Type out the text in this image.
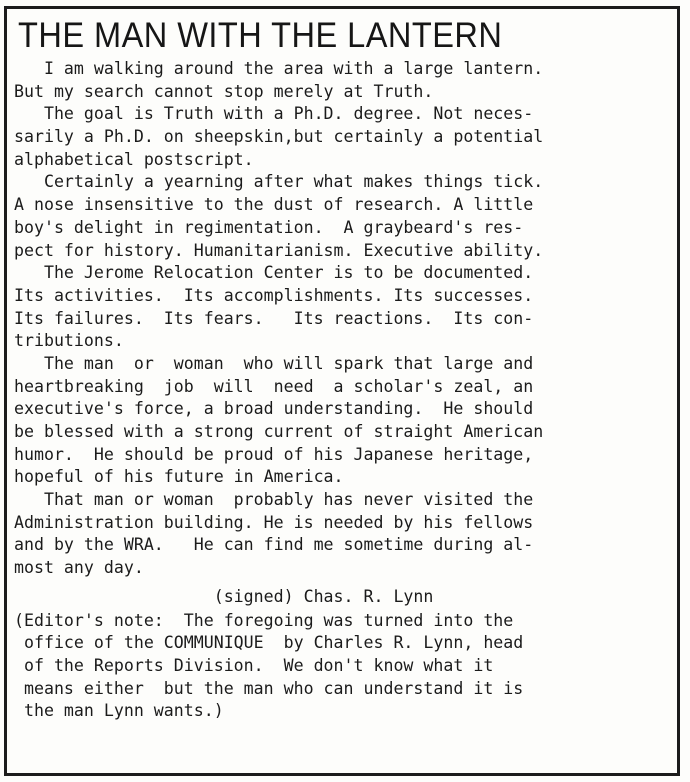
THE MAN WITH THE LANTERN
I am walking around the area with a large lantern.
But my search cannot stop merely at Truth.
The goal is Truth with a Ph.D. degree. Not neces-
sarily a Ph.D. on sheepskin,but certainly a potential
alphabetical postscript.
Certainly a yearning after what makes things tick.
A nose insensitive to the dust of research. A little
boy's delight in regimentation.  A graybeard's res-
pect for history. Humanitarianism. Executive ability.
The Jerome Relocation Center is to be documented.
Its activities.  Its accomplishments. Its successes.
Its failures.  Its fears.   Its reactions.  Its con-
tributions.
The man  or  woman  who will spark that large and
heartbreaking  job  will  need  a scholar's zeal, an
executive's force, a broad understanding.  He should
be blessed with a strong current of straight American
humor.  He should be proud of his Japanese heritage,
hopeful of his future in America.
That man or woman  probably has never visited the
Administration building. He is needed by his fellows
and by the WRA.   He can find me sometime during al-
most any day.
(signed) Chas. R. Lynn
(Editor's note:  The foregoing was turned into the
office of the COMMUNIQUE  by Charles R. Lynn, head
of the Reports Division.  We don't know what it
means either  but the man who can understand it is
the man Lynn wants.)
